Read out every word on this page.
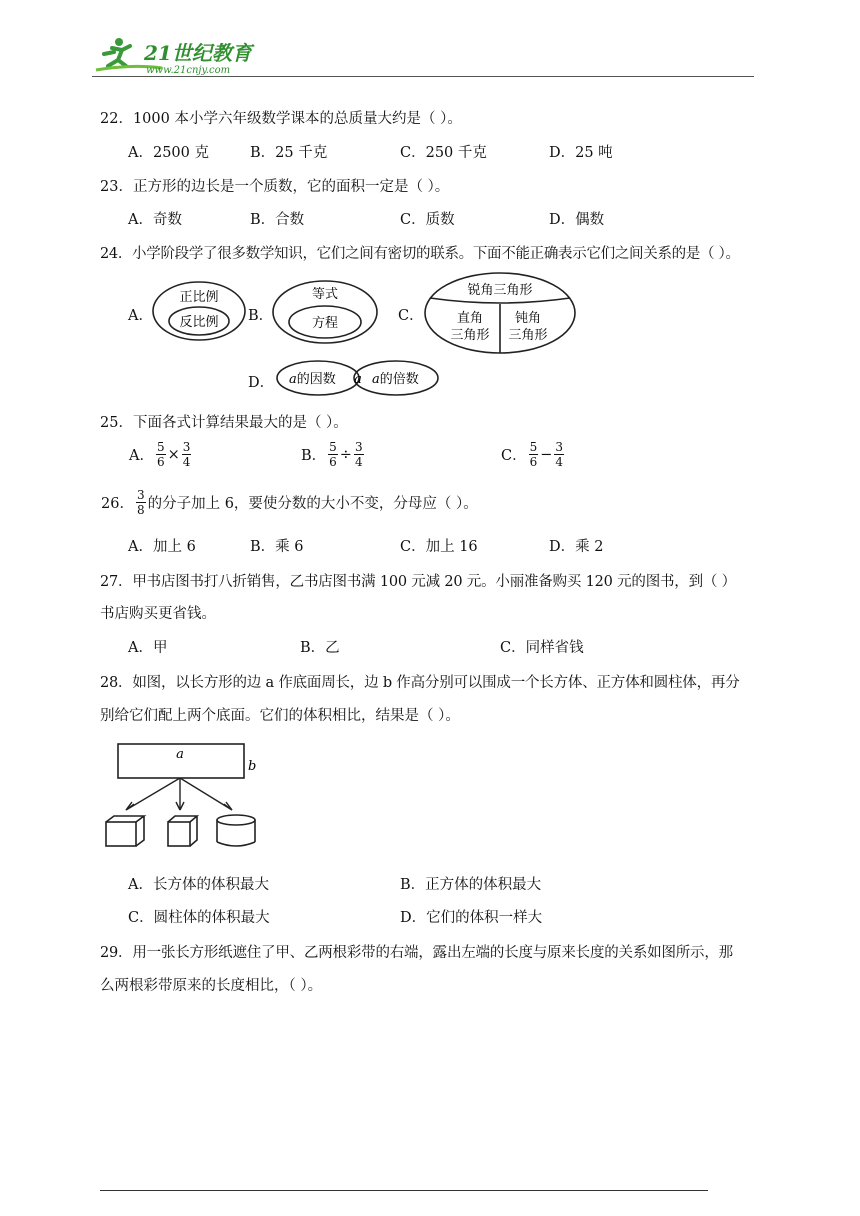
21世纪教育
www.21cnjy.com
22．1000 本小学六年级数学课本的总质量大约是（ ）。
A．2500 克	B．25 千克	C．250 千克	D．25 吨
23．正方形的边长是一个质数，它的面积一定是（ ）。
A．奇数	B．合数	C．质数	D．偶数
24．小学阶段学了很多数学知识，它们之间有密切的联系。下面不能正确表示它们之间关系的是（ ）。
A．	B．	C．
D．
正比例
反比例
等式
方程
锐角三角形
直角
三角形
钝角
三角形
a的因数 a a的倍数
25．下面各式计算结果最大的是（ ）。
A． $\frac{5}{6} \times \frac{3}{4}$	B． $\frac{5}{6} \div \frac{3}{4}$	C． $\frac{5}{6} - \frac{3}{4}$
26． $\frac{3}{8}$ 的分子加上 6，要使分数的大小不变，分母应（ ）。
A．加上 6	B．乘 6	C．加上 16	D．乘 2
27．甲书店图书打八折销售，乙书店图书满 100 元减 20 元。小丽准备购买 120 元的图书，到（ ）
书店购买更省钱。
A．甲	B．乙	C．同样省钱
28．如图，以长方形的边 a 作底面周长，边 b 作高分别可以围成一个长方体、正方体和圆柱体，再分
别给它们配上两个底面。它们的体积相比，结果是（ ）。
a
b
A．长方体的体积最大	B．正方体的体积最大
C．圆柱体的体积最大	D．它们的体积一样大
29．用一张长方形纸遮住了甲、乙两根彩带的右端，露出左端的长度与原来长度的关系如图所示，那
么两根彩带原来的长度相比，（ ）。
